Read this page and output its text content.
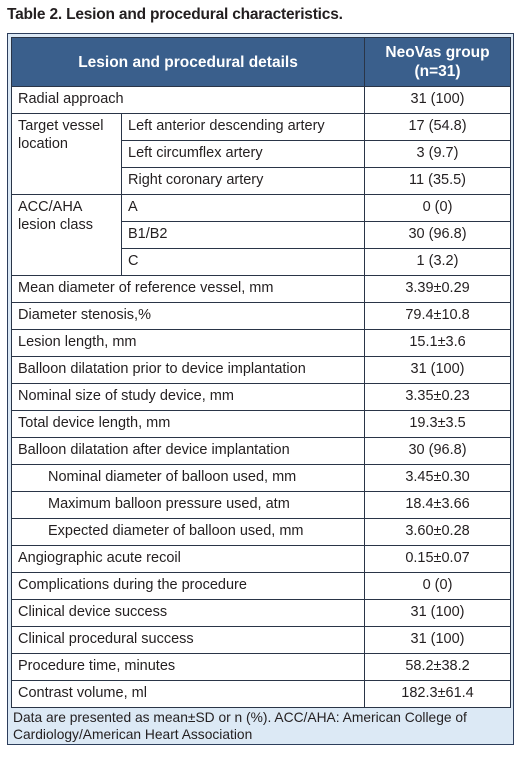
Table 2. Lesion and procedural characteristics.
Lesion and procedural details		NeoVas group
(n=31)
Radial approach		31 (100)
Target vessel location	Left anterior descending artery	17 (54.8)
	Left circumflex artery	3 (9.7)
	Right coronary artery	11 (35.5)
ACC/AHA lesion class	A	0 (0)
	B1/B2	30 (96.8)
	C	1 (3.2)
Mean diameter of reference vessel, mm		3.39±0.29
Diameter stenosis,%		79.4±10.8
Lesion length, mm		15.1±3.6
Balloon dilatation prior to device implantation		31 (100)
Nominal size of study device, mm		3.35±0.23
Total device length, mm		19.3±3.5
Balloon dilatation after device implantation		30 (96.8)
Nominal diameter of balloon used, mm		3.45±0.30
Maximum balloon pressure used, atm		18.4±3.66
Expected diameter of balloon used, mm		3.60±0.28
Angiographic acute recoil		0.15±0.07
Complications during the procedure		0 (0)
Clinical device success		31 (100)
Clinical procedural success		31 (100)
Procedure time, minutes		58.2±38.2
Contrast volume, ml		182.3±61.4
Data are presented as mean±SD or n (%). ACC/AHA: American College of Cardiology/American Heart Association
